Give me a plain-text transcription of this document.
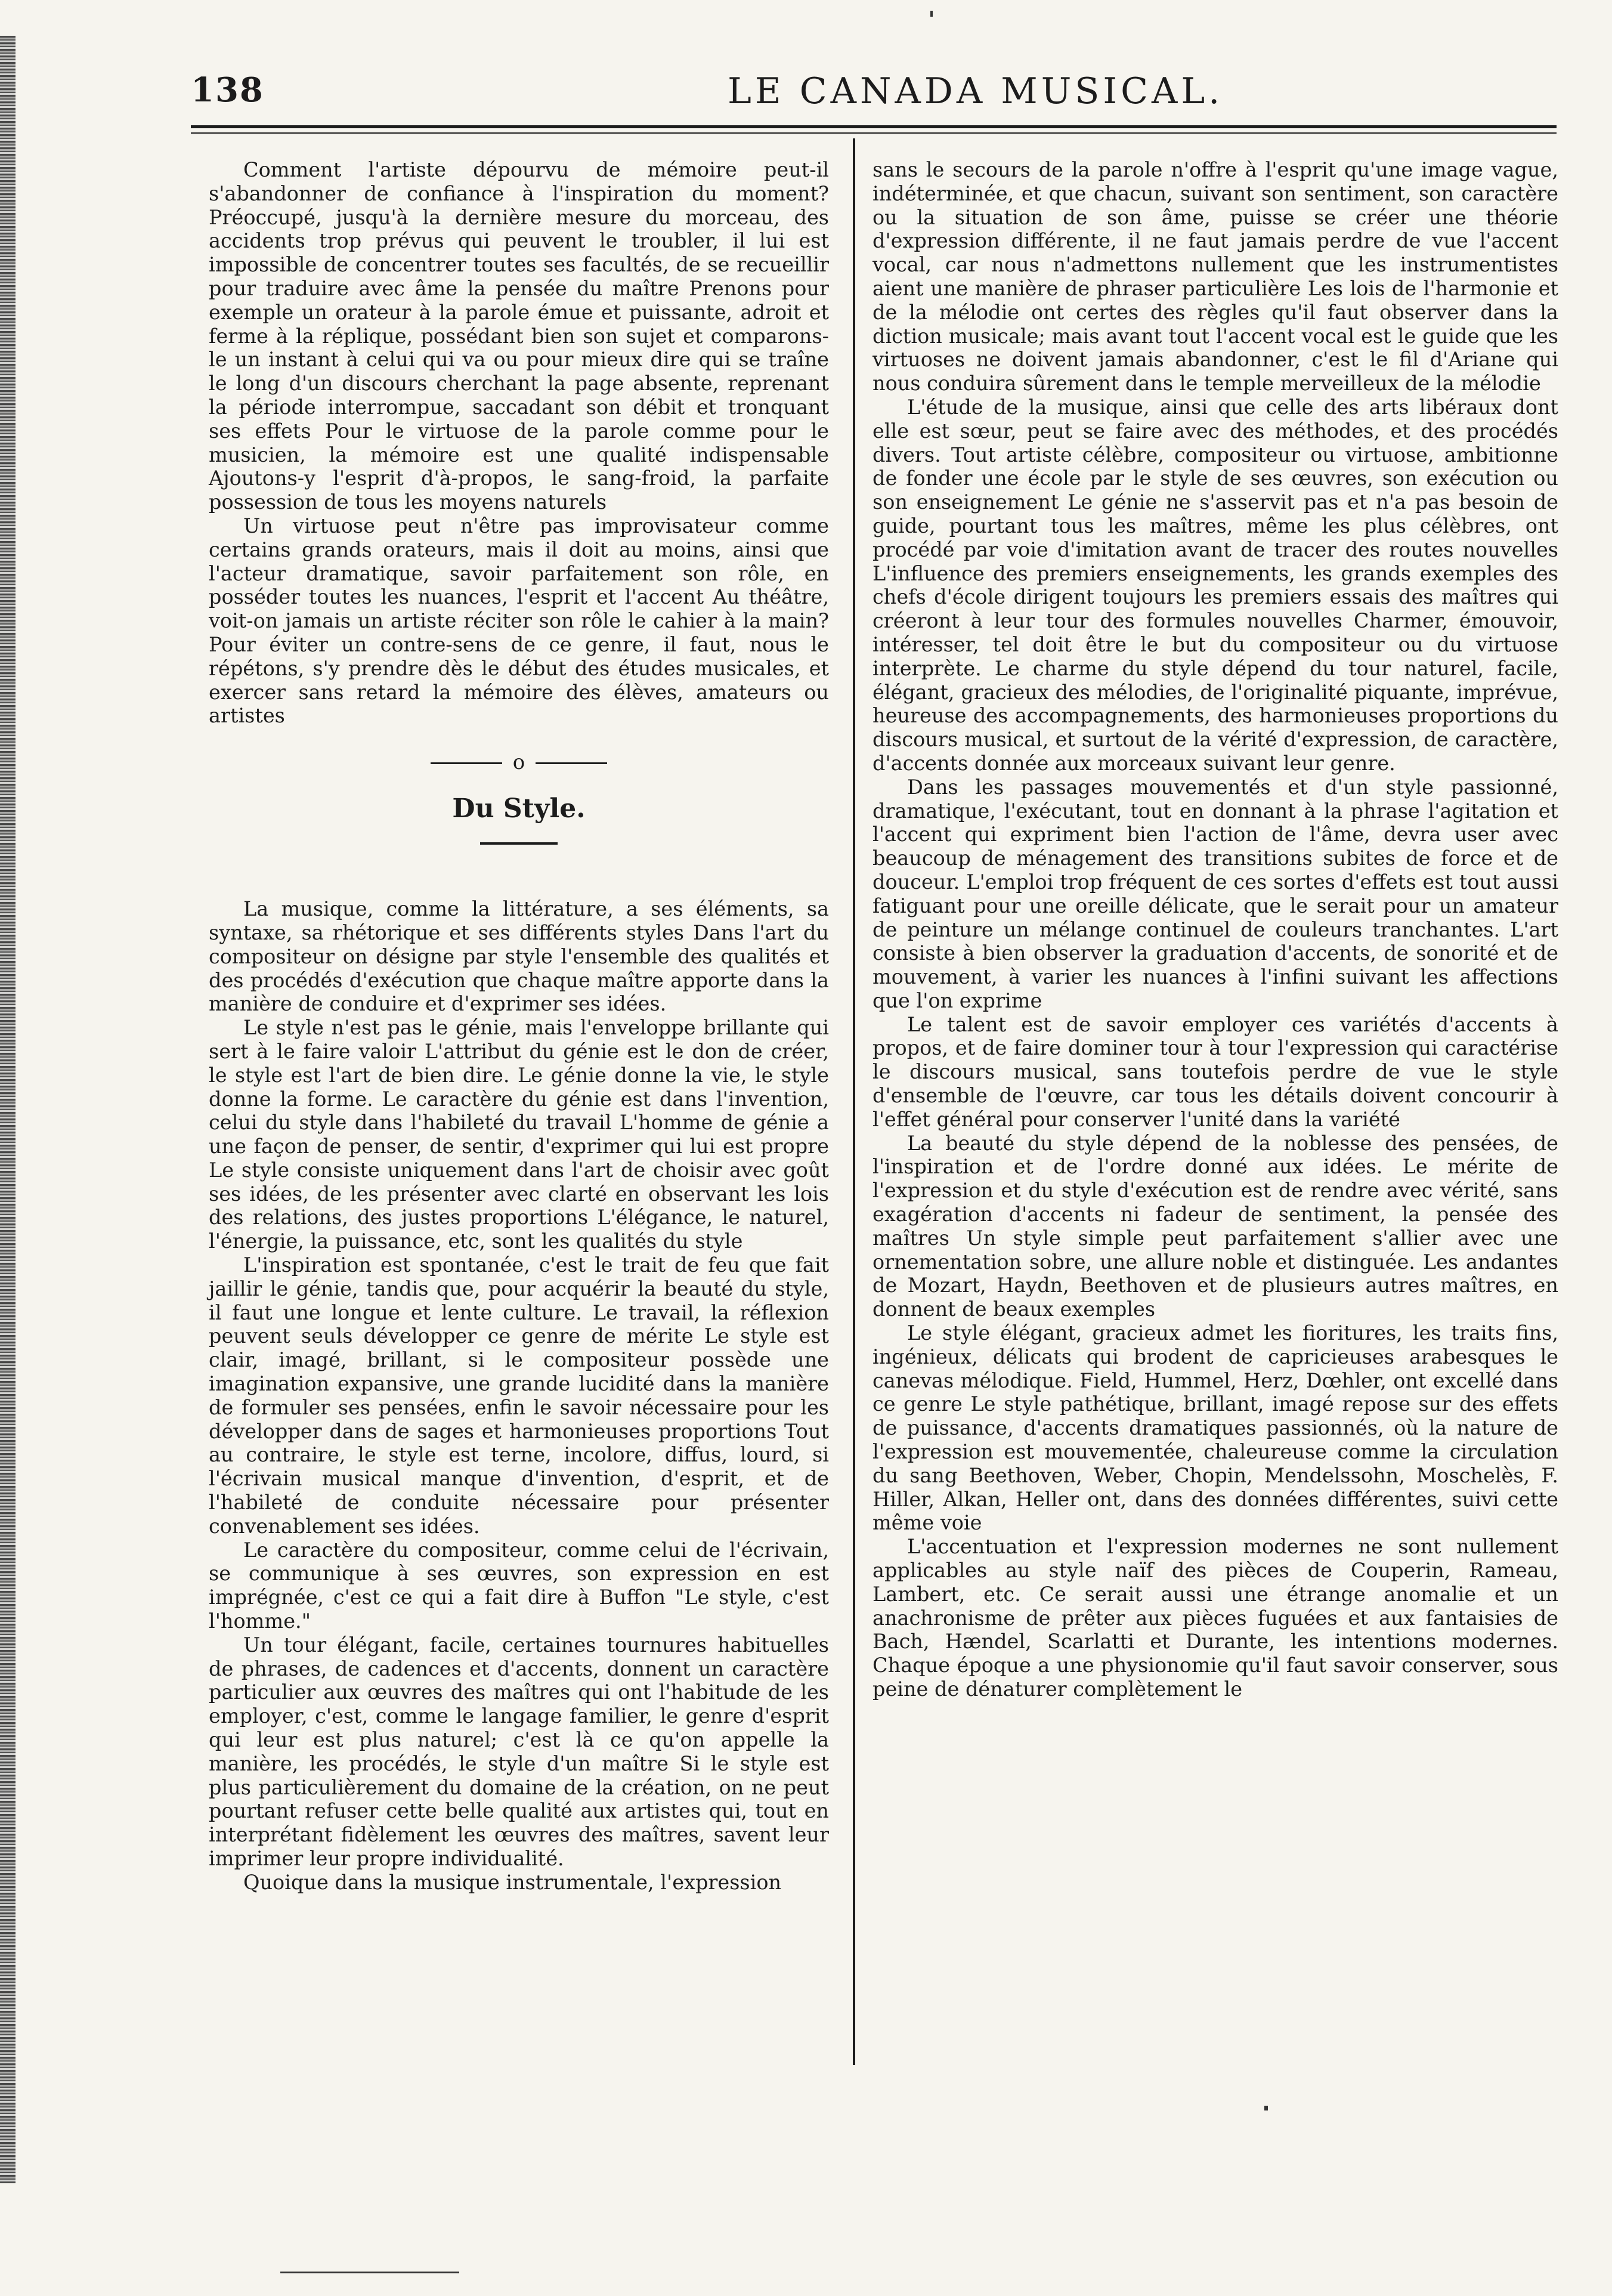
138	LE CANADA MUSICAL.

Comment l'artiste dépourvu de mémoire peut-il s'abandonner de confiance à l'inspiration du moment? Préoccupé, jusqu'à la dernière mesure du morceau, des accidents trop prévus qui peuvent le troubler, il lui est impossible de concentrer toutes ses facultés, de se recueillir pour traduire avec âme la pensée du maître Prenons pour exemple un orateur à la parole émue et puissante, adroit et ferme à la réplique, possédant bien son sujet et comparons-le un instant à celui qui va ou pour mieux dire qui se traîne le long d'un discours cherchant la page absente, reprenant la période interrompue, saccadant son débit et tronquant ses effets Pour le virtuose de la parole comme pour le musicien, la mémoire est une qualité indispensable Ajoutons-y l'esprit d'à-propos, le sang-froid, la parfaite possession de tous les moyens naturels

Un virtuose peut n'être pas improvisateur comme certains grands orateurs, mais il doit au moins, ainsi que l'acteur dramatique, savoir parfaitement son rôle, en posséder toutes les nuances, l'esprit et l'accent Au théâtre, voit-on jamais un artiste réciter son rôle le cahier à la main? Pour éviter un contre-sens de ce genre, il faut, nous le répétons, s'y prendre dès le début des études musicales, et exercer sans retard la mémoire des élèves, amateurs ou artistes

o
Du Style.

La musique, comme la littérature, a ses éléments, sa syntaxe, sa rhétorique et ses différents styles Dans l'art du compositeur on désigne par style l'ensemble des qualités et des procédés d'exécution que chaque maître apporte dans la manière de conduire et d'exprimer ses idées.

Le style n'est pas le génie, mais l'enveloppe brillante qui sert à le faire valoir L'attribut du génie est le don de créer, le style est l'art de bien dire. Le génie donne la vie, le style donne la forme. Le caractère du génie est dans l'invention, celui du style dans l'habileté du travail L'homme de génie a une façon de penser, de sentir, d'exprimer qui lui est propre Le style consiste uniquement dans l'art de choisir avec goût ses idées, de les présenter avec clarté en observant les lois des relations, des justes proportions L'élégance, le naturel, l'énergie, la puissance, etc, sont les qualités du style

L'inspiration est spontanée, c'est le trait de feu que fait jaillir le génie, tandis que, pour acquérir la beauté du style, il faut une longue et lente culture. Le travail, la réflexion peuvent seuls développer ce genre de mérite Le style est clair, imagé, brillant, si le compositeur possède une imagination expansive, une grande lucidité dans la manière de formuler ses pensées, enfin le savoir nécessaire pour les développer dans de sages et harmonieuses proportions Tout au contraire, le style est terne, incolore, diffus, lourd, si l'écrivain musical manque d'invention, d'esprit, et de l'habileté de conduite nécessaire pour présenter convenablement ses idées.

Le caractère du compositeur, comme celui de l'écrivain, se communique à ses œuvres, son expression en est imprégnée, c'est ce qui a fait dire à Buffon "Le style, c'est l'homme."

Un tour élégant, facile, certaines tournures habituelles de phrases, de cadences et d'accents, donnent un caractère particulier aux œuvres des maîtres qui ont l'habitude de les employer, c'est, comme le langage familier, le genre d'esprit qui leur est plus naturel; c'est là ce qu'on appelle la manière, les procédés, le style d'un maître Si le style est plus particulièrement du domaine de la création, on ne peut pourtant refuser cette belle qualité aux artistes qui, tout en interprétant fidèlement les œuvres des maîtres, savent leur imprimer leur propre individualité.

Quoique dans la musique instrumentale, l'expression

sans le secours de la parole n'offre à l'esprit qu'une image vague, indéterminée, et que chacun, suivant son sentiment, son caractère ou la situation de son âme, puisse se créer une théorie d'expression différente, il ne faut jamais perdre de vue l'accent vocal, car nous n'admettons nullement que les instrumentistes aient une manière de phraser particulière Les lois de l'harmonie et de la mélodie ont certes des règles qu'il faut observer dans la diction musicale; mais avant tout l'accent vocal est le guide que les virtuoses ne doivent jamais abandonner, c'est le fil d'Ariane qui nous conduira sûrement dans le temple merveilleux de la mélodie

L'étude de la musique, ainsi que celle des arts libéraux dont elle est sœur, peut se faire avec des méthodes, et des procédés divers. Tout artiste célèbre, compositeur ou virtuose, ambitionne de fonder une école par le style de ses œuvres, son exécution ou son enseignement Le génie ne s'asservit pas et n'a pas besoin de guide, pourtant tous les maîtres, même les plus célèbres, ont procédé par voie d'imitation avant de tracer des routes nouvelles L'influence des premiers enseignements, les grands exemples des chefs d'école dirigent toujours les premiers essais des maîtres qui créeront à leur tour des formules nouvelles Charmer, émouvoir, intéresser, tel doit être le but du compositeur ou du virtuose interprète. Le charme du style dépend du tour naturel, facile, élégant, gracieux des mélodies, de l'originalité piquante, imprévue, heureuse des accompagnements, des harmonieuses proportions du discours musical, et surtout de la vérité d'expression, de caractère, d'accents donnée aux morceaux suivant leur genre.

Dans les passages mouvementés et d'un style passionné, dramatique, l'exécutant, tout en donnant à la phrase l'agitation et l'accent qui expriment bien l'action de l'âme, devra user avec beaucoup de ménagement des transitions subites de force et de douceur. L'emploi trop fréquent de ces sortes d'effets est tout aussi fatiguant pour une oreille délicate, que le serait pour un amateur de peinture un mélange continuel de couleurs tranchantes. L'art consiste à bien observer la graduation d'accents, de sonorité et de mouvement, à varier les nuances à l'infini suivant les affections que l'on exprime

Le talent est de savoir employer ces variétés d'accents à propos, et de faire dominer tour à tour l'expression qui caractérise le discours musical, sans toutefois perdre de vue le style d'ensemble de l'œuvre, car tous les détails doivent concourir à l'effet général pour conserver l'unité dans la variété

La beauté du style dépend de la noblesse des pensées, de l'inspiration et de l'ordre donné aux idées. Le mérite de l'expression et du style d'exécution est de rendre avec vérité, sans exagération d'accents ni fadeur de sentiment, la pensée des maîtres Un style simple peut parfaitement s'allier avec une ornementation sobre, une allure noble et distinguée. Les andantes de Mozart, Haydn, Beethoven et de plusieurs autres maîtres, en donnent de beaux exemples

Le style élégant, gracieux admet les fioritures, les traits fins, ingénieux, délicats qui brodent de capricieuses arabesques le canevas mélodique. Field, Hummel, Herz, Dœhler, ont excellé dans ce genre Le style pathétique, brillant, imagé repose sur des effets de puissance, d'accents dramatiques passionnés, où la nature de l'expression est mouvementée, chaleureuse comme la circulation du sang Beethoven, Weber, Chopin, Mendelssohn, Moschelès, F. Hiller, Alkan, Heller ont, dans des données différentes, suivi cette même voie

L'accentuation et l'expression modernes ne sont nullement applicables au style naïf des pièces de Couperin, Rameau, Lambert, etc. Ce serait aussi une étrange anomalie et un anachronisme de prêter aux pièces fuguées et aux fantaisies de Bach, Hændel, Scarlatti et Durante, les intentions modernes. Chaque époque a une physionomie qu'il faut savoir conserver, sous peine de dénaturer complètement le
